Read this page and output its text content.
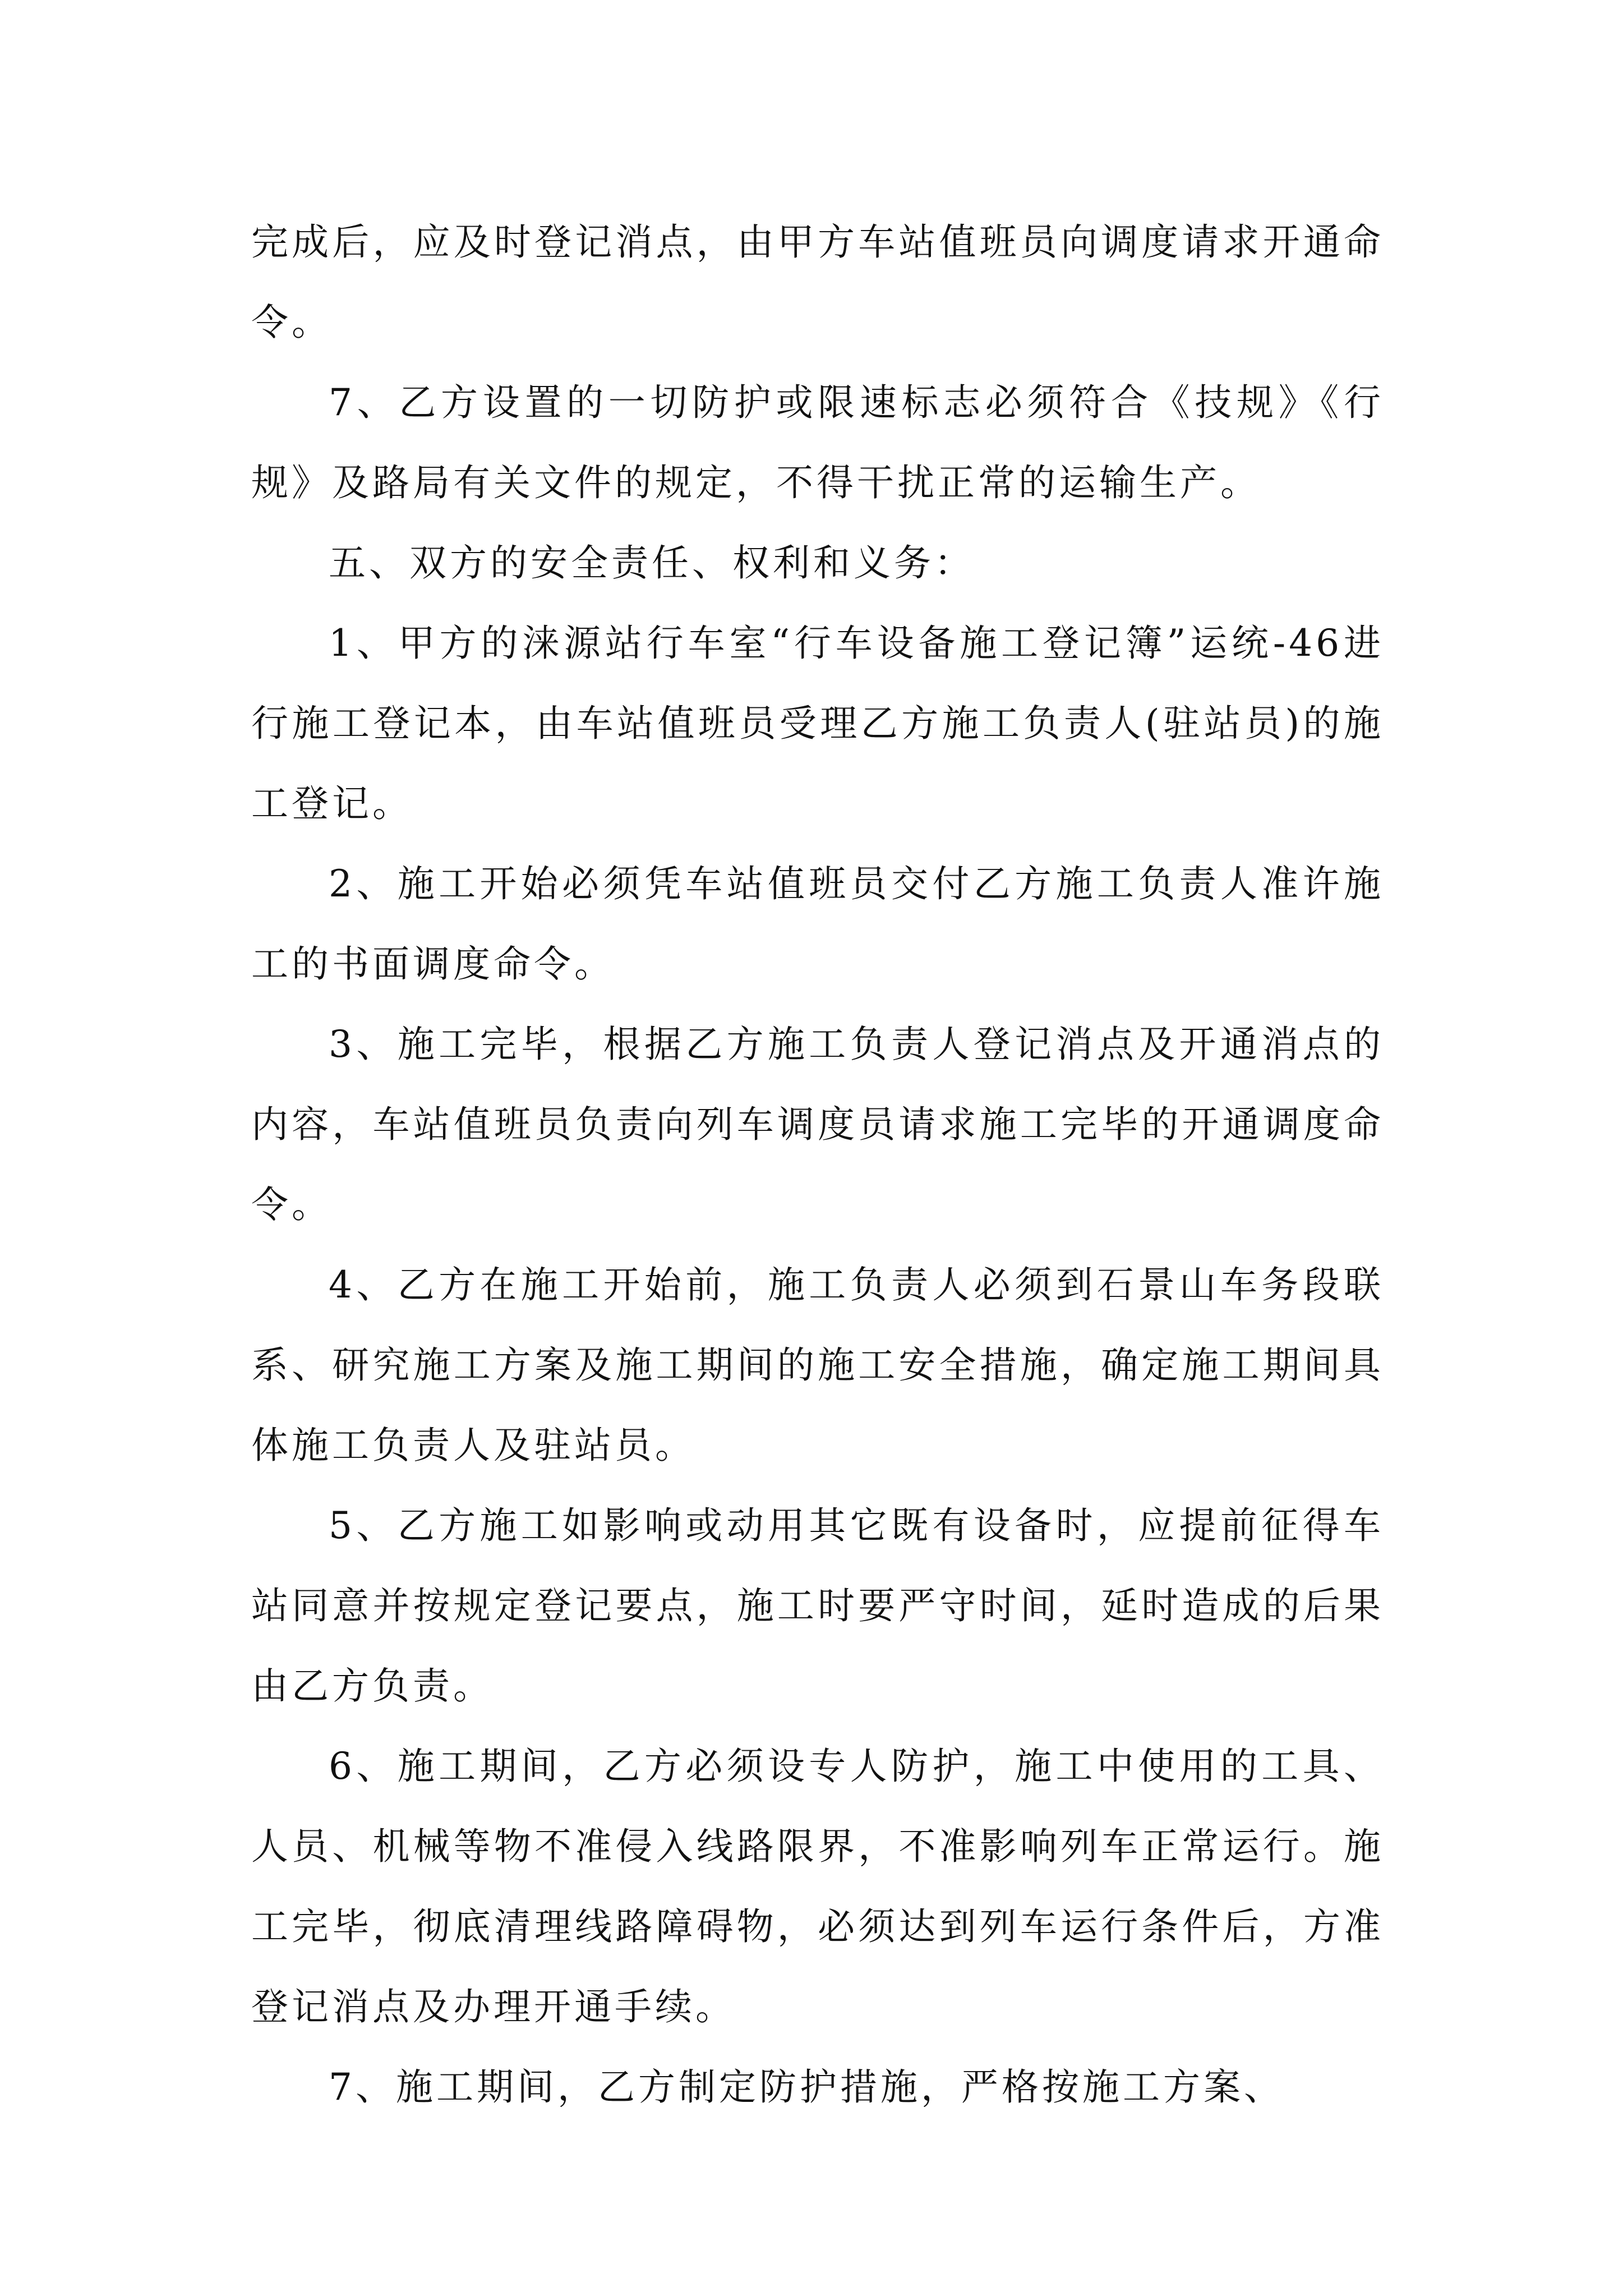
完成后，应及时登记消点，由甲方车站值班员向调度请求开通命令。

7、乙方设置的一切防护或限速标志必须符合《技规》《行规》及路局有关文件的规定，不得干扰正常的运输生产。

五、双方的安全责任、权利和义务：

1、甲方的涞源站行车室“行车设备施工登记簿”运统-46进行施工登记本，由车站值班员受理乙方施工负责人(驻站员)的施工登记。

2、施工开始必须凭车站值班员交付乙方施工负责人准许施工的书面调度命令。

3、施工完毕，根据乙方施工负责人登记消点及开通消点的内容，车站值班员负责向列车调度员请求施工完毕的开通调度命令。

4、乙方在施工开始前，施工负责人必须到石景山车务段联系、研究施工方案及施工期间的施工安全措施，确定施工期间具体施工负责人及驻站员。

5、乙方施工如影响或动用其它既有设备时，应提前征得车站同意并按规定登记要点，施工时要严守时间，延时造成的后果由乙方负责。

6、施工期间，乙方必须设专人防护，施工中使用的工具、人员、机械等物不准侵入线路限界，不准影响列车正常运行。施工完毕，彻底清理线路障碍物，必须达到列车运行条件后，方准登记消点及办理开通手续。

7、施工期间，乙方制定防护措施，严格按施工方案、
